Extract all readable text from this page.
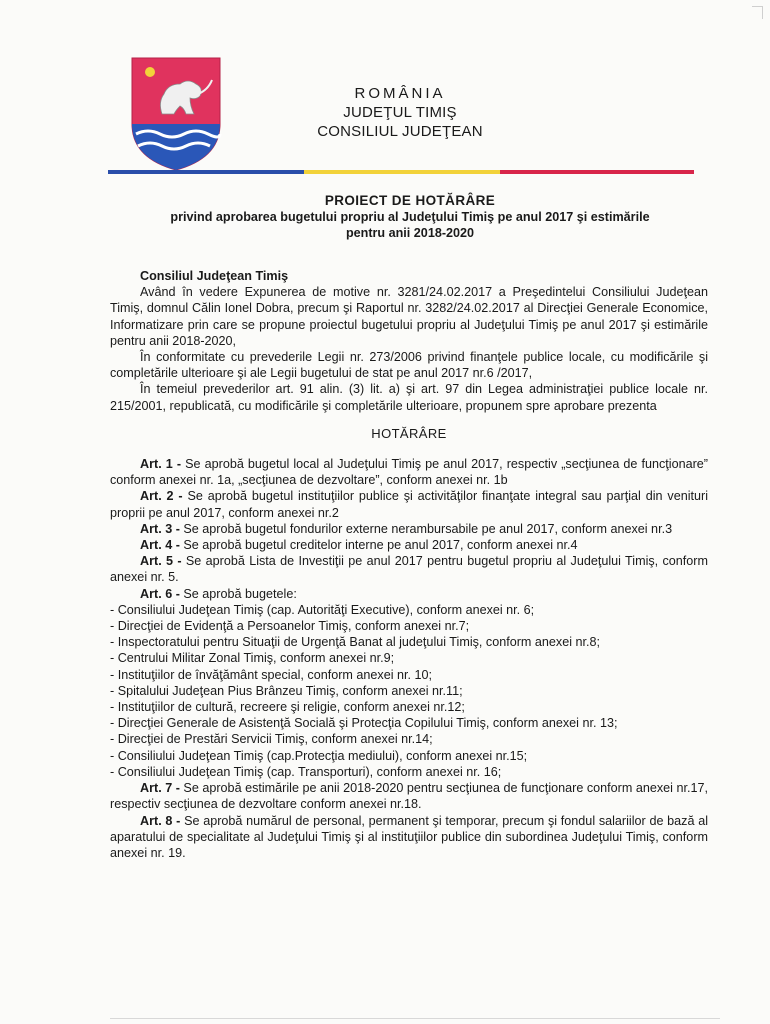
ROMÂNIA
JUDEŢUL TIMIŞ
CONSILIUL JUDEŢEAN
PROIECT DE HOTĂRÂRE
privind aprobarea bugetului propriu al Judeţului Timiş pe anul 2017 şi estimările
pentru anii 2018-2020
Consiliul Judeţean Timiş
Având în vedere Expunerea de motive nr. 3281/24.02.2017 a Preşedintelui Consiliului Judeţean Timiş, domnul Călin Ionel Dobra, precum şi Raportul nr. 3282/24.02.2017 al Direcţiei Generale Economice, Informatizare prin care se propune proiectul bugetului propriu al Judeţului Timiş pe anul 2017 şi estimările pentru anii 2018-2020,
În conformitate cu prevederile Legii nr. 273/2006 privind finanţele publice locale, cu modificările şi completările ulterioare şi ale Legii bugetului de stat pe anul 2017 nr.6 /2017,
În temeiul prevederilor art. 91 alin. (3) lit. a) şi art. 97 din Legea administraţiei publice locale nr. 215/2001, republicată, cu modificările şi completările ulterioare, propunem spre aprobare prezenta
HOTĂRÂRE
Art. 1 - Se aprobă bugetul local al Judeţului Timiş pe anul 2017, respectiv „secţiunea de funcţionare” conform anexei nr. 1a, „secţiunea de dezvoltare”, conform anexei nr. 1b
Art. 2 - Se aprobă bugetul instituţiilor publice şi activităţilor finanţate integral sau parţial din venituri proprii pe anul 2017, conform anexei nr.2
Art. 3 - Se aprobă bugetul fondurilor externe nerambursabile pe anul 2017, conform anexei nr.3
Art. 4 - Se aprobă bugetul creditelor interne pe anul 2017, conform anexei nr.4
Art. 5 - Se aprobă Lista de Investiţii pe anul 2017 pentru bugetul propriu al Judeţului Timiş, conform anexei nr. 5.
Art. 6 - Se aprobă bugetele:
- Consiliului Judeţean Timiş (cap. Autorităţi Executive), conform anexei nr. 6;
- Direcţiei de Evidenţă a Persoanelor Timiş, conform anexei nr.7;
- Inspectoratului pentru Situaţii de Urgenţă Banat al judeţului Timiş, conform anexei nr.8;
- Centrului Militar Zonal Timiş, conform anexei nr.9;
- Instituţiilor de învăţământ special, conform anexei nr. 10;
- Spitalului Judeţean Pius Brânzeu Timiş, conform anexei nr.11;
- Instituţiilor de cultură, recreere şi religie, conform anexei nr.12;
- Direcţiei Generale de Asistenţă Socială şi Protecţia Copilului Timiş, conform anexei nr. 13;
- Direcţiei de Prestări Servicii Timiş, conform anexei nr.14;
- Consiliului Judeţean Timiş (cap.Protecţia mediului), conform anexei nr.15;
- Consiliului Judeţean Timiş (cap. Transporturi), conform anexei nr. 16;
Art. 7 - Se aprobă estimările pe anii 2018-2020 pentru secţiunea de funcţionare conform anexei nr.17, respectiv secţiunea de dezvoltare conform anexei nr.18.
Art. 8 - Se aprobă numărul de personal, permanent şi temporar, precum şi fondul salariilor de bază al aparatului de specialitate al Judeţului Timiş şi al instituţiilor publice din subordinea Judeţului Timiş, conform anexei nr. 19.
